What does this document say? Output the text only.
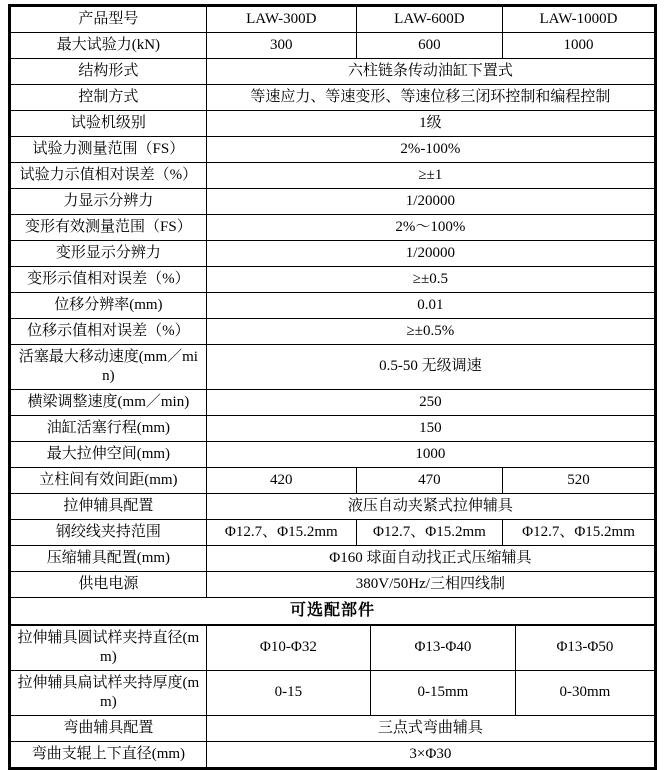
产品型号	LAW-300D	LAW-600D	LAW-1000D
最大试验力(kN)	300	600	1000
结构形式	六柱链条传动油缸下置式		
控制方式	等速应力、等速变形、等速位移三闭环控制和编程控制		
试验机级别	1级		
试验力测量范围（FS）	2%-100%		
试验力示值相对误差（%）	≥±1		
力显示分辨力	1/20000		
变形有效测量范围（FS）	2%～100%		
变形显示分辨力	1/20000		
变形示值相对误差（%）	≥±0.5		
位移分辨率(mm)	0.01		
位移示值相对误差（%）	≥±0.5%		
活塞最大移动速度(mm／min)	0.5-50 无级调速		
横梁调整速度(mm／min)	250		
油缸活塞行程(mm)	150		
最大拉伸空间(mm)	1000		
立柱间有效间距(mm)	420	470	520
拉伸辅具配置	液压自动夹紧式拉伸辅具		
钢绞线夹持范围	Φ12.7、Φ15.2mm	Φ12.7、Φ15.2mm	Φ12.7、Φ15.2mm
压缩辅具配置(mm)	Φ160 球面自动找正式压缩辅具		
供电电源	380V/50Hz/三相四线制		
可选配部件			
拉伸辅具圆试样夹持直径(mm)	Φ10-Φ32	Φ13-Φ40	Φ13-Φ50
拉伸辅具扁试样夹持厚度(mm)	0-15	0-15mm	0-30mm
弯曲辅具配置	三点式弯曲辅具		
弯曲支辊上下直径(mm)	3×Φ30		
